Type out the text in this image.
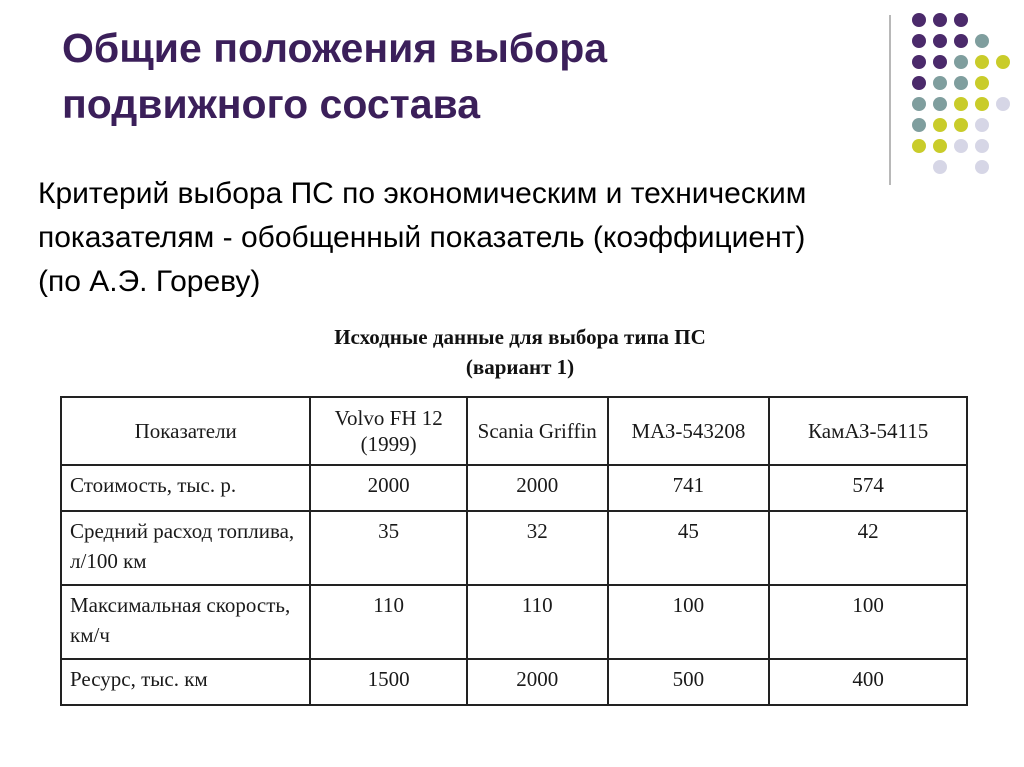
Общие положения выбора
подвижного состава
Критерий выбора ПС по экономическим и техническим
показателям - обобщенный показатель (коэффициент)
(по А.Э. Гореву)
Исходные данные для выбора типа ПС
(вариант 1)
Показатели	Volvo FH 12 (1999)	Scania Griffin	МАЗ-543208	КамАЗ-54115
Стоимость, тыс. р.	2000	2000	741	574
Средний расход топлива, л/100 км	35	32	45	42
Максимальная скорость, км/ч	110	110	100	100
Ресурс, тыс. км	1500	2000	500	400
